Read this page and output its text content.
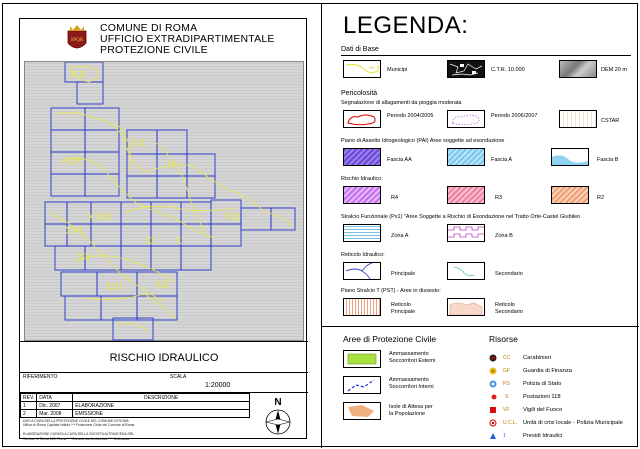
SPQR
COMUNE DI ROMA
UFFICIO EXTRADIPARTIMENTALE
PROTEZIONE CIVILE
XX
XIX
XX
IV
XVIII
XVI
XI X
VIII
XV
XIII	XII
RISCHIO IDRAULICO
RIFERIMENTO	SCALA
1:20000
REV.	DATA	DESCRIZIONE
1	Dic. 2007	ELABORAZIONE
2	Mar. 2008	EMISSIONE
DATI A CURA DELLA PROTEZIONE CIVILE DEL COMUNE DI ROMA
Ufficio di Roma Capitale Istituto *** Protezione Civile del Comune di Roma

ELABORAZIONE CURATA A CURA DELLA SOCIETA ALTRASCENA SRL
Via Ass. di Roma 120, Roma *** Consulenza Ambientale *** Ordinanza
N
LEGENDA:
Dati di Base
XX Municipi	C.T.R. 10.000	DEM 20 m
Pericolosità
Segnalazione di allagamenti da pioggia moderata
Periodo 2004/2005	Periodo 2006/2007
CSTAR
Piano di Assetto Idrogeologico (PAI) Aree soggette ad esondazione
Fascia AA	Fascia A	Fascia B
Rischio Idraulico:
R4	R3	R2
Stralcio Funzionale (Ps1) "Aree Soggette a Rischio di Esondazione nel Tratto Orte-Castel Giubileo
Zona A	Zona B
Reticolo Idraulico:
Principale	Secondario
Piano Stralcio T (PST) - Aree in dissesto:
Reticolo Principale
Reticolo Secondario
Aree di Protezione Civile
Ammassamento Soccorritori Esterni
Ammassamento Soccorritori Interni
Isole di Attesa per la Popolazione
Risorse
CC Carabinieri
GF Guardia di Finanza
PS Polizia di Stato
S	Postazioni 118
VF Vigili del Fuoco
U.C.L. Unità di crisi locale - Polizia Municipale
1	Presidi Idraulici
